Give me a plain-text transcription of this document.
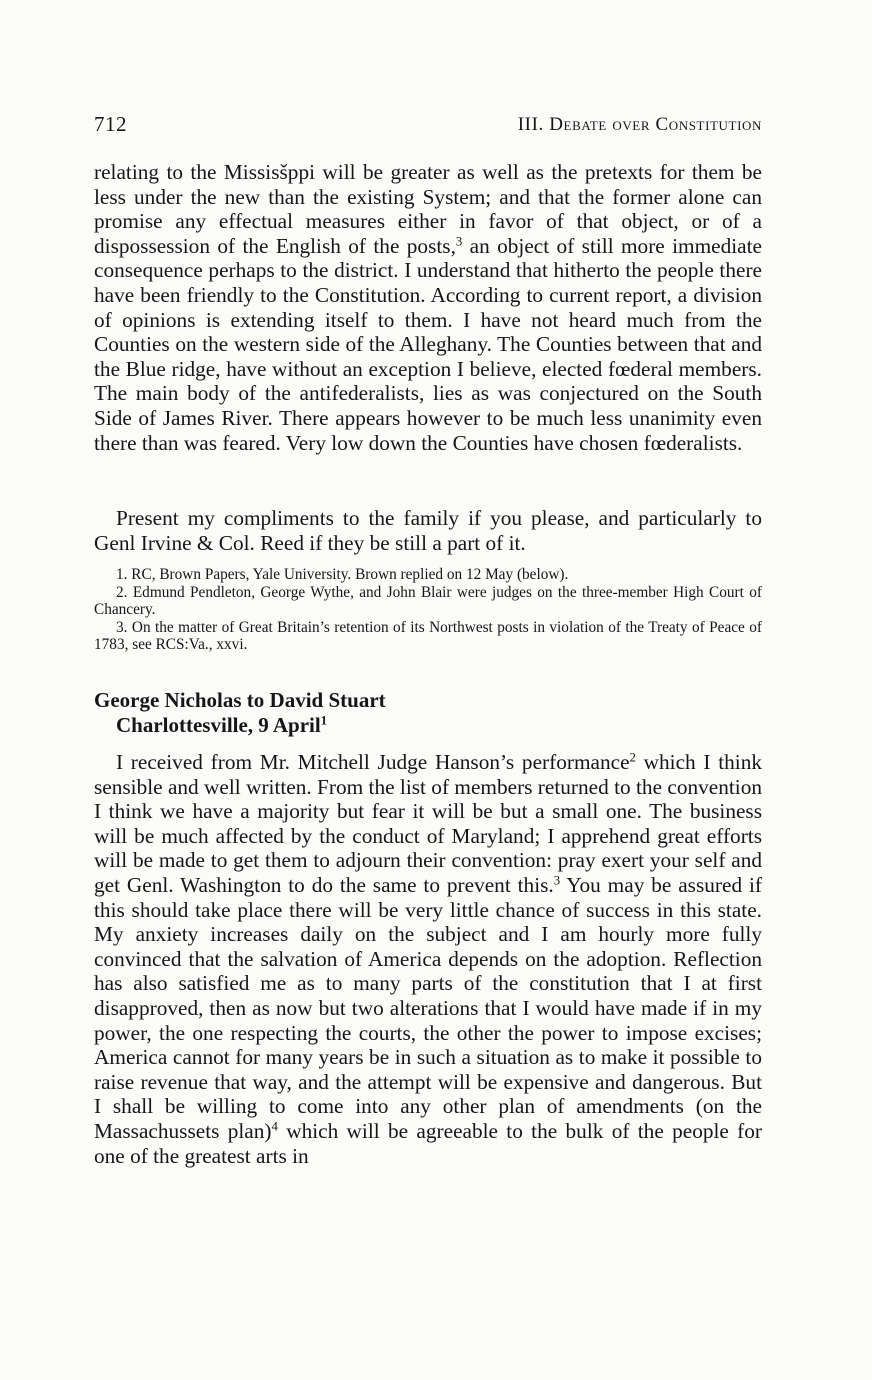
712	III. Debate over Constitution

relating to the Missisšppi will be greater as well as the pretexts for them be less under the new than the existing System; and that the former alone can promise any effectual measures either in favor of that object, or of a dispossession of the English of the posts,$^3$ an object of still more immediate consequence perhaps to the district. I understand that hitherto the people there have been friendly to the Constitution. According to current report, a division of opinions is extending itself to them. I have not heard much from the Counties on the western side of the Alleghany. The Counties between that and the Blue ridge, have without an exception I believe, elected fœderal members. The main body of the antifederalists, lies as was conjectured on the South Side of James River. There appears however to be much less unanimity even there than was feared. Very low down the Counties have chosen fœderalists.

Present my compliments to the family if you please, and particularly to Genl Irvine & Col. Reed if they be still a part of it.

1. RC, Brown Papers, Yale University. Brown replied on 12 May (below).

2. Edmund Pendleton, George Wythe, and John Blair were judges on the three-member High Court of Chancery.

3. On the matter of Great Britain’s retention of its Northwest posts in violation of the Treaty of Peace of 1783, see RCS:Va., xxvi.

George Nicholas to David Stuart
Charlottesville, 9 April$^1$

I received from Mr. Mitchell Judge Hanson’s performance$^2$ which I think sensible and well written. From the list of members returned to the convention I think we have a majority but fear it will be but a small one. The business will be much affected by the conduct of Maryland; I apprehend great efforts will be made to get them to adjourn their convention: pray exert your self and get Genl. Washington to do the same to prevent this.$^3$ You may be assured if this should take place there will be very little chance of success in this state. My anxiety increases daily on the subject and I am hourly more fully convinced that the salvation of America depends on the adoption. Reflection has also satisfied me as to many parts of the constitution that I at first disapproved, then as now but two alterations that I would have made if in my power, the one respecting the courts, the other the power to impose excises; America cannot for many years be in such a situation as to make it possible to raise revenue that way, and the attempt will be expensive and dangerous. But I shall be willing to come into any other plan of amendments (on the Massachussets plan)$^4$ which will be agreeable to the bulk of the people for one of the greatest arts in
